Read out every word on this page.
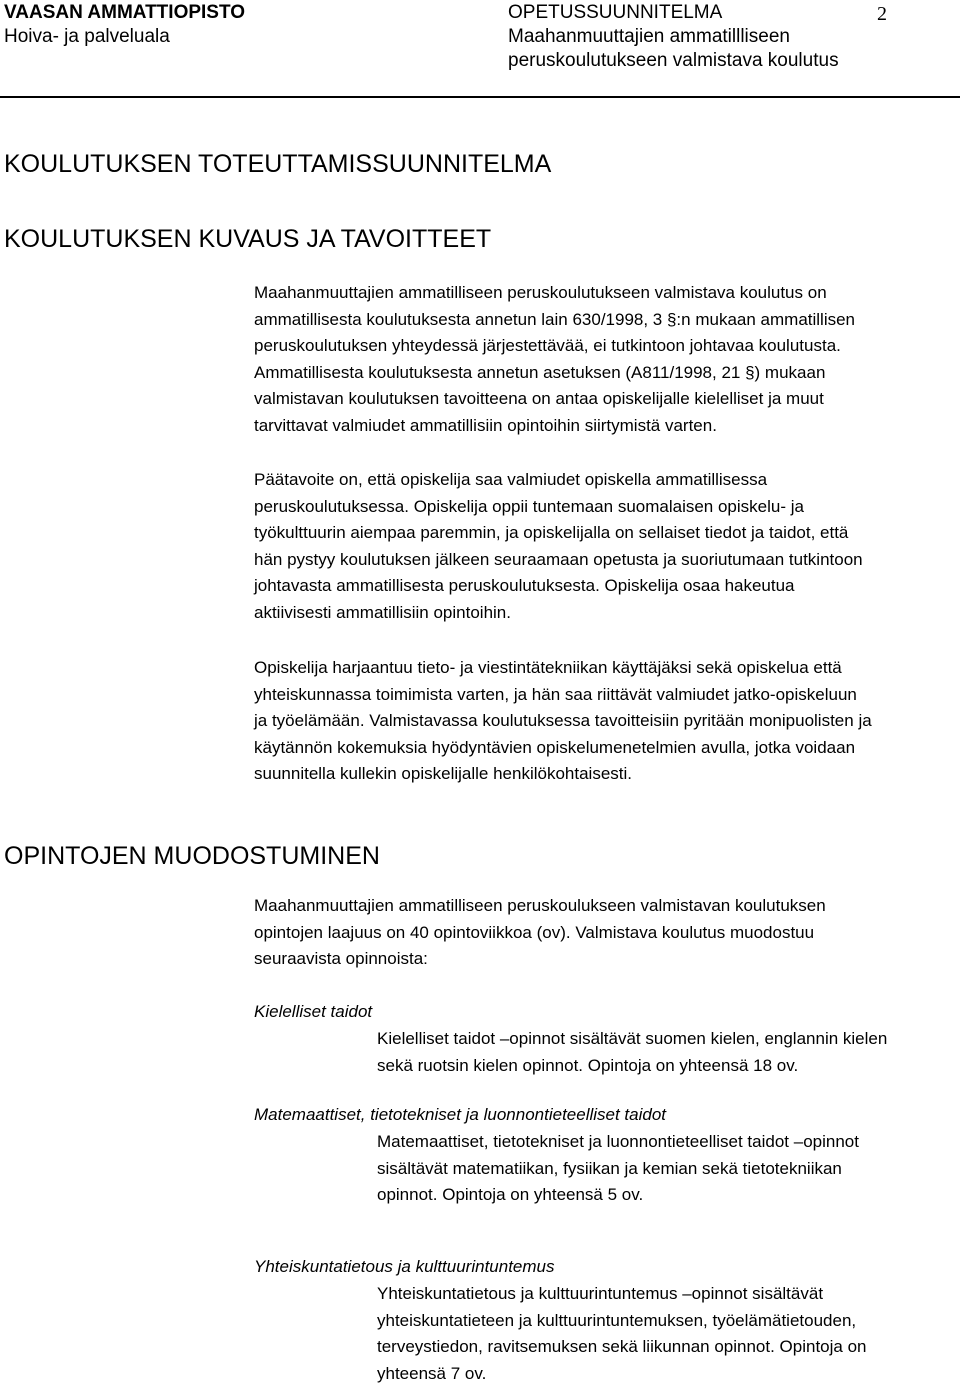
VAASAN AMMATTIOPISTO
Hoiva- ja palveluala
OPETUSSUUNNITELMA
Maahanmuuttajien ammatillliseen
peruskoulutukseen valmistava koulutus
2
KOULUTUKSEN TOTEUTTAMISSUUNNITELMA
KOULUTUKSEN KUVAUS JA TAVOITTEET

Maahanmuuttajien ammatilliseen peruskoulutukseen valmistava koulutus on

ammatillisesta koulutuksesta annetun lain 630/1998, 3 §:n mukaan ammatillisen

peruskoulutuksen yhteydessä järjestettävää, ei tutkintoon johtavaa koulutusta.

Ammatillisesta koulutuksesta annetun asetuksen (A811/1998, 21 §) mukaan

valmistavan koulutuksen tavoitteena on antaa opiskelijalle kielelliset ja muut

tarvittavat valmiudet ammatillisiin opintoihin siirtymistä varten.

Päätavoite on, että opiskelija saa valmiudet opiskella ammatillisessa

peruskoulutuksessa. Opiskelija oppii tuntemaan suomalaisen opiskelu- ja

työkulttuurin aiempaa paremmin, ja opiskelijalla on sellaiset tiedot ja taidot, että

hän pystyy koulutuksen jälkeen seuraamaan opetusta ja suoriutumaan tutkintoon

johtavasta ammatillisesta peruskoulutuksesta. Opiskelija osaa hakeutua

aktiivisesti ammatillisiin opintoihin.

Opiskelija harjaantuu tieto- ja viestintätekniikan käyttäjäksi sekä opiskelua että

yhteiskunnassa toimimista varten, ja hän saa riittävät valmiudet jatko-opiskeluun

ja työelämään. Valmistavassa koulutuksessa tavoitteisiin pyritään monipuolisten ja

käytännön kokemuksia hyödyntävien opiskelumenetelmien avulla, jotka voidaan

suunnitella kullekin opiskelijalle henkilökohtaisesti.

OPINTOJEN MUODOSTUMINEN

Maahanmuuttajien ammatilliseen peruskoulukseen valmistavan koulutuksen

opintojen laajuus on 40 opintoviikkoa (ov). Valmistava koulutus muodostuu

seuraavista opinnoista:

Kielelliset taidot

Kielelliset taidot –opinnot sisältävät suomen kielen, englannin kielen

sekä ruotsin kielen opinnot. Opintoja on yhteensä 18 ov.

Matemaattiset, tietotekniset ja luonnontieteelliset taidot

Matemaattiset, tietotekniset ja luonnontieteelliset taidot –opinnot

sisältävät matematiikan, fysiikan ja kemian sekä tietotekniikan

opinnot. Opintoja on yhteensä 5 ov.

Yhteiskuntatietous ja kulttuurintuntemus

Yhteiskuntatietous ja kulttuurintuntemus –opinnot sisältävät

yhteiskuntatieteen ja kulttuurintuntemuksen, työelämätietouden,

terveystiedon, ravitsemuksen sekä liikunnan opinnot. Opintoja on

yhteensä 7 ov.
